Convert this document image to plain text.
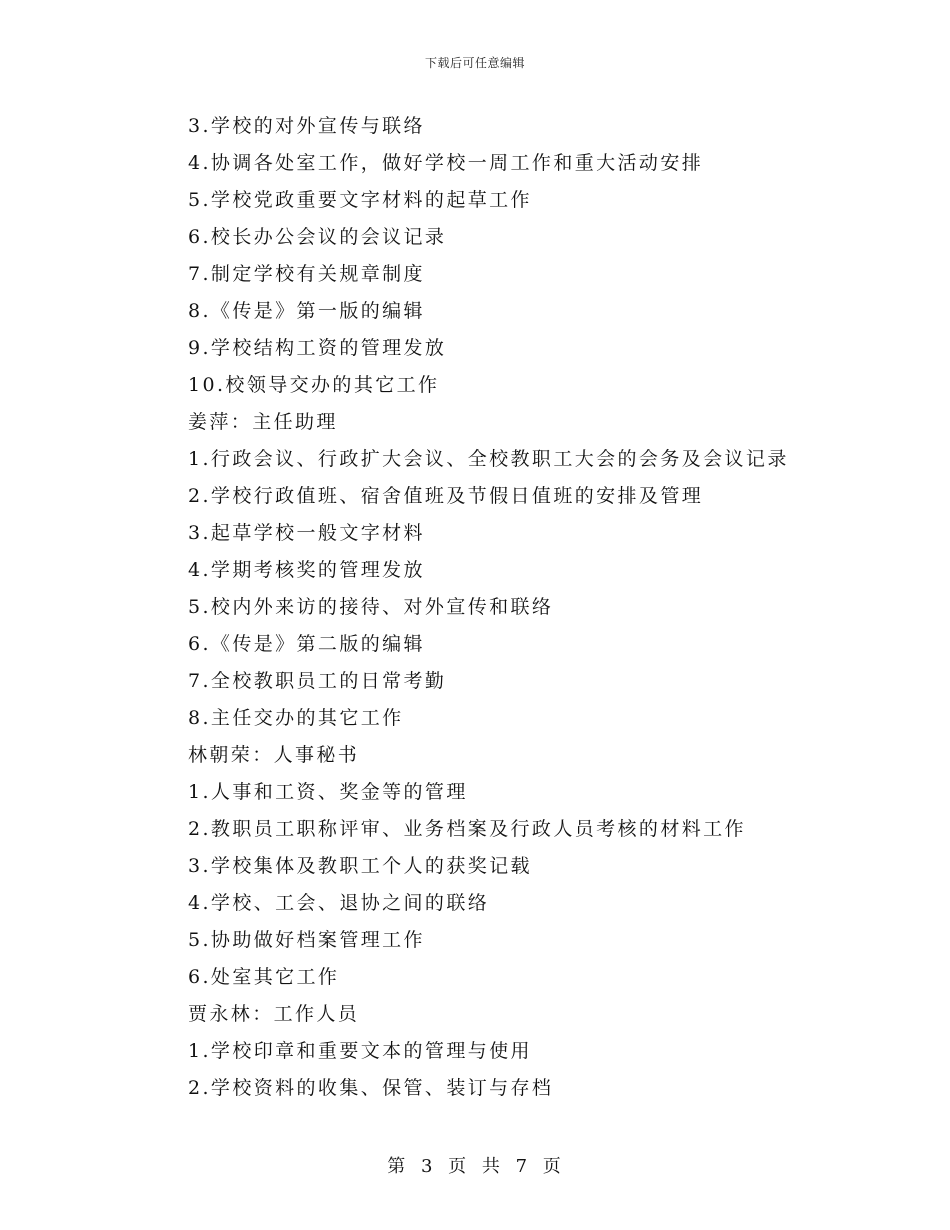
下载后可任意编辑
3.学校的对外宣传与联络
4.协调各处室工作，做好学校一周工作和重大活动安排
5.学校党政重要文字材料的起草工作
6.校长办公会议的会议记录
7.制定学校有关规章制度
8.《传是》第一版的编辑
9.学校结构工资的管理发放
10.校领导交办的其它工作
姜萍：主任助理
1.行政会议、行政扩大会议、全校教职工大会的会务及会议记录
2.学校行政值班、宿舍值班及节假日值班的安排及管理
3.起草学校一般文字材料
4.学期考核奖的管理发放
5.校内外来访的接待、对外宣传和联络
6.《传是》第二版的编辑
7.全校教职员工的日常考勤
8.主任交办的其它工作
林朝荣：人事秘书
1.人事和工资、奖金等的管理
2.教职员工职称评审、业务档案及行政人员考核的材料工作
3.学校集体及教职工个人的获奖记载
4.学校、工会、退协之间的联络
5.协助做好档案管理工作
6.处室其它工作
贾永林：工作人员
1.学校印章和重要文本的管理与使用
2.学校资料的收集、保管、装订与存档
第 3 页 共 7 页
